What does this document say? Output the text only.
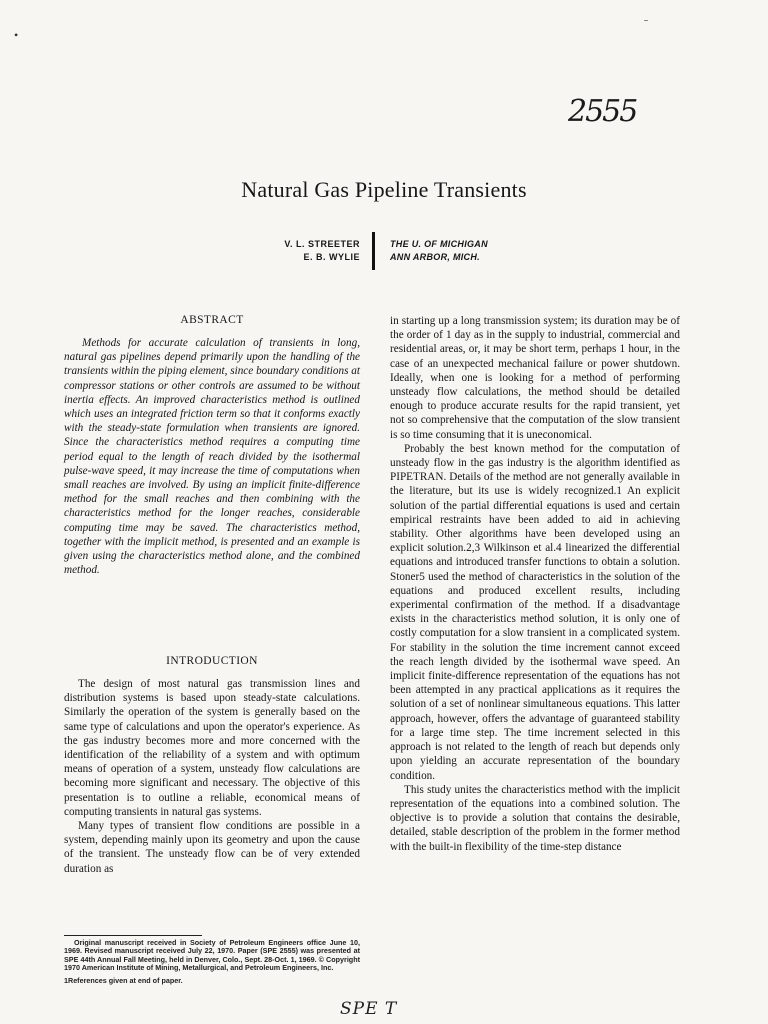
•
ˉ
2555
Natural Gas Pipeline Transients
V. L. STREETER
E. B. WYLIE
THE U. OF MICHIGAN
ANN ARBOR, MICH.
ABSTRACT

Methods for accurate calculation of transients in long, natural gas pipelines depend primarily upon the handling of the transients within the piping element, since boundary conditions at compressor stations or other controls are assumed to be without inertia effects. An improved characteristics method is outlined which uses an integrated friction term so that it conforms exactly with the steady-state formulation when transients are ignored. Since the characteristics method requires a computing time period equal to the length of reach divided by the isothermal pulse-wave speed, it may increase the time of computations when small reaches are involved. By using an implicit finite-difference method for the small reaches and then combining with the characteristics method for the longer reaches, considerable computing time may be saved. The characteristics method, together with the implicit method, is presented and an example is given using the characteristics method alone, and the combined method.

INTRODUCTION

The design of most natural gas transmission lines and distribution systems is based upon steady-state calculations. Similarly the operation of the system is generally based on the same type of calculations and upon the operator's experience. As the gas industry becomes more and more concerned with the identification of the reliability of a system and with optimum means of operation of a system, unsteady flow calculations are becoming more significant and necessary. The objective of this presentation is to outline a reliable, economical means of computing transients in natural gas systems.

Many types of transient flow conditions are possible in a system, depending mainly upon its geometry and upon the cause of the transient. The unsteady flow can be of very extended duration as

in starting up a long transmission system; its duration may be of the order of 1 day as in the supply to industrial, commercial and residential areas, or, it may be short term, perhaps 1 hour, in the case of an unexpected mechanical failure or power shutdown. Ideally, when one is looking for a method of performing unsteady flow calculations, the method should be detailed enough to produce accurate results for the rapid transient, yet not so comprehensive that the computation of the slow transient is so time consuming that it is uneconomical.

Probably the best known method for the computation of unsteady flow in the gas industry is the algorithm identified as PIPETRAN. Details of the method are not generally available in the literature, but its use is widely recognized.1 An explicit solution of the partial differential equations is used and certain empirical restraints have been added to aid in achieving stability. Other algorithms have been developed using an explicit solution.2,3 Wilkinson et al.4 linearized the differential equations and introduced transfer functions to obtain a solution. Stoner5 used the method of characteristics in the solution of the equations and produced excellent results, including experimental confirmation of the method. If a disadvantage exists in the characteristics method solution, it is only one of costly computation for a slow transient in a complicated system. For stability in the solution the time increment cannot exceed the reach length divided by the isothermal wave speed. An implicit finite-difference representation of the equations has not been attempted in any practical applications as it requires the solution of a set of nonlinear simultaneous equations. This latter approach, however, offers the advantage of guaranteed stability for a large time step. The time increment selected in this approach is not related to the length of reach but depends only upon yielding an accurate representation of the boundary condition.

This study unites the characteristics method with the implicit representation of the equations into a combined solution. The objective is to provide a solution that contains the desirable, detailed, stable description of the problem in the former method with the built-in flexibility of the time-step distance

Original manuscript received in Society of Petroleum Engineers office June 10, 1969. Revised manuscript received July 22, 1970. Paper (SPE 2555) was presented at SPE 44th Annual Fall Meeting, held in Denver, Colo., Sept. 28-Oct. 1, 1969. © Copyright 1970 American Institute of Mining, Metallurgical, and Petroleum Engineers, Inc.

1References given at end of paper.

SPE T
